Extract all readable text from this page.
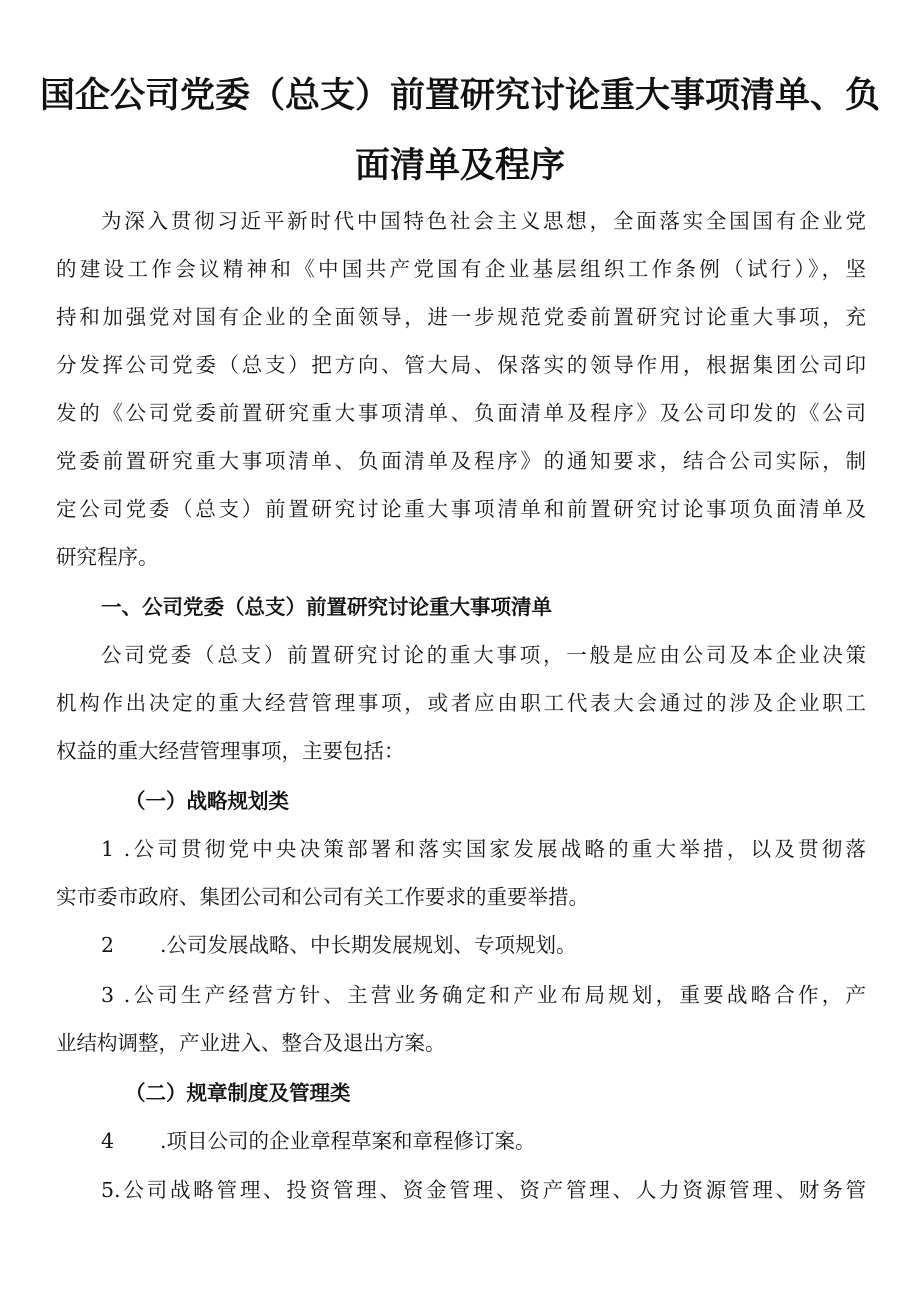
国企公司党委（总支）前置研究讨论重大事项清单、负
面清单及程序
为深入贯彻习近平新时代中国特色社会主义思想，全面落实全国国有企业党
的建设工作会议精神和《中国共产党国有企业基层组织工作条例（试行）》，坚
持和加强党对国有企业的全面领导，进一步规范党委前置研究讨论重大事项，充
分发挥公司党委（总支）把方向、管大局、保落实的领导作用，根据集团公司印
发的《公司党委前置研究重大事项清单、负面清单及程序》及公司印发的《公司
党委前置研究重大事项清单、负面清单及程序》的通知要求，结合公司实际，制
定公司党委（总支）前置研究讨论重大事项清单和前置研究讨论事项负面清单及
研究程序。
一、公司党委（总支）前置研究讨论重大事项清单
公司党委（总支）前置研究讨论的重大事项，一般是应由公司及本企业决策
机构作出决定的重大经营管理事项，或者应由职工代表大会通过的涉及企业职工
权益的重大经营管理事项，主要包括：
（一）战略规划类
1 .公司贯彻党中央决策部署和落实国家发展战略的重大举措，以及贯彻落
实市委市政府、集团公司和公司有关工作要求的重要举措。
2 .公司发展战略、中长期发展规划、专项规划。
3 .公司生产经营方针、主营业务确定和产业布局规划，重要战略合作，产
业结构调整，产业进入、整合及退出方案。
（二）规章制度及管理类
4 .项目公司的企业章程草案和章程修订案。
5.公司战略管理、投资管理、资金管理、资产管理、人力资源管理、财务管
